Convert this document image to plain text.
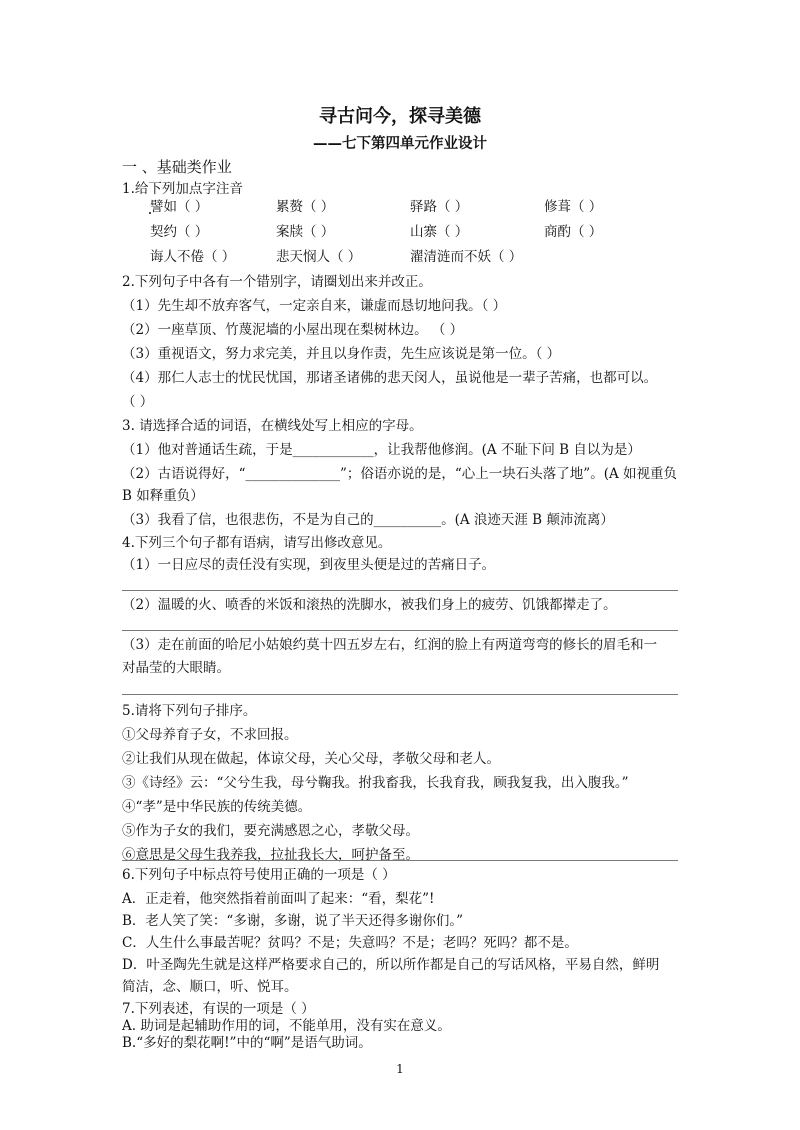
寻古问今，探寻美德
——七下第四单元作业设计
一 、基础类作业
1.给下列加点字注音
譬如（ ）	累赘（ ）	驿路（ ）	修葺（ ）
契约（ ）	案牍（ ）	山寨（ ）	商酌（ ）
诲人不倦（ ）	悲天悯人（ ）	濯清涟而不妖（ ）
2.下列句子中各有一个错别字，请圈划出来并改正。
（1）先生却不放弃客气，一定亲自来，谦虚而恳切地问我。（ ）
（2）一座草顶、竹蔑泥墙的小屋出现在梨树林边。 （ ）
（3）重视语文，努力求完美，并且以身作责，先生应该说是第一位。（ ）
（4）那仁人志士的忧民忧国，那诸圣诸佛的悲天闵人，虽说他是一辈子苦痛，也都可以。
（ ）
3. 请选择合适的词语，在横线处写上相应的字母。
（1）他对普通话生疏，于是____________，让我帮他修润。(A 不耻下问 B 自以为是）
（2）古语说得好，“______________”；俗语亦说的是，“心上一块石头落了地”。(A 如视重负
B 如释重负）
（3）我看了信，也很悲伤，不是为自己的__________。(A 浪迹天涯 B 颠沛流离）
4.下列三个句子都有语病，请写出修改意见。
（1）一日应尽的责任没有实现，到夜里头便是过的苦痛日子。
（2）温暖的火、喷香的米饭和滚热的洗脚水，被我们身上的疲劳、饥饿都撵走了。
（3）走在前面的哈尼小姑娘约莫十四五岁左右，红润的脸上有两道弯弯的修长的眉毛和一
对晶莹的大眼睛。
5.请将下列句子排序。
①父母养育子女，不求回报。
②让我们从现在做起，体谅父母，关心父母，孝敬父母和老人。
③《诗经》云：“父兮生我，母兮鞠我。拊我畜我，长我育我，顾我复我，出入腹我。”
④“孝”是中华民族的传统美德。
⑤作为子女的我们，要充满感恩之心，孝敬父母。
⑥意思是父母生我养我，拉扯我长大，呵护备至。
6.下列句子中标点符号使用正确的一项是（ ）
A．正走着，他突然指着前面叫了起来：“看，梨花”!
B．老人笑了笑：“多谢，多谢，说了半天还得多谢你们。”
C．人生什么事最苦呢？贫吗？不是；失意吗？不是；老吗？死吗？都不是。
D．叶圣陶先生就是这样严格要求自己的，所以所作都是自己的写话风格，平易自然，鲜明
简洁，念、顺口，听、悦耳。
1
7.下列表述，有误的一项是（ ）
A. 助词是起辅助作用的词，不能单用，没有实在意义。
B.“多好的梨花啊!”中的“啊”是语气助词。
